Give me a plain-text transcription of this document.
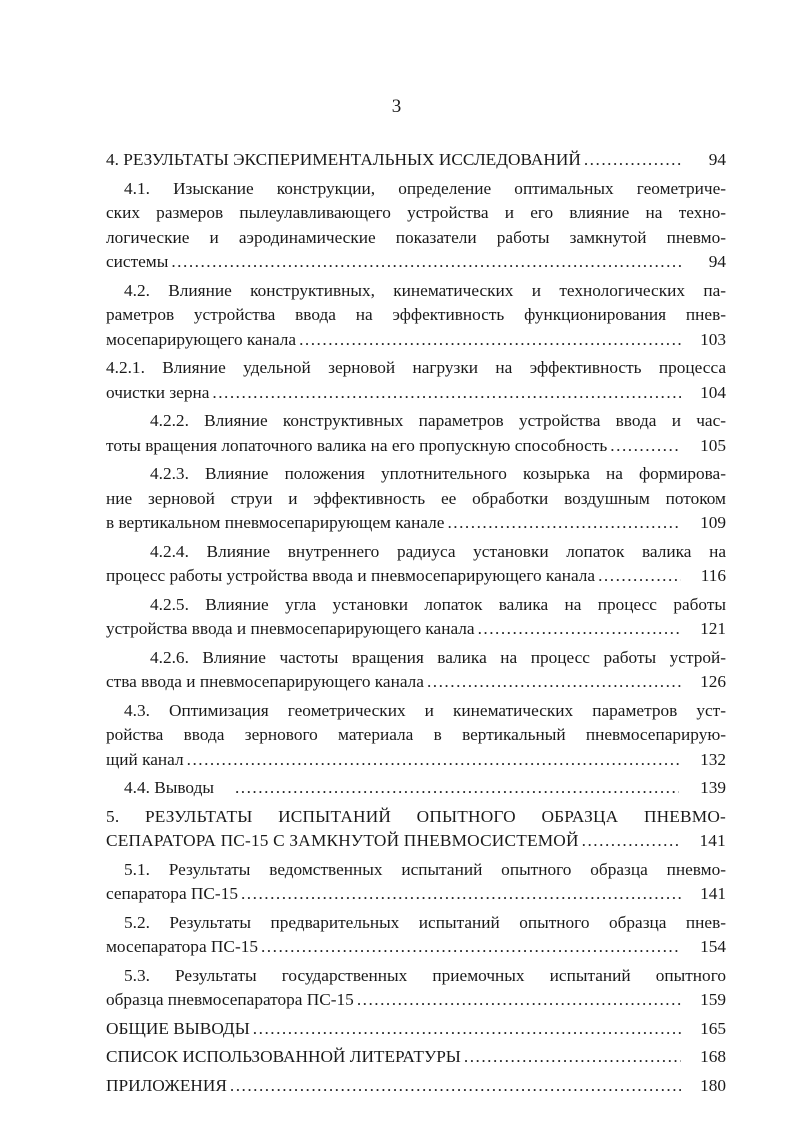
3
4. РЕЗУЛЬТАТЫ ЭКСПЕРИМЕНТАЛЬНЫХ ИССЛЕДОВАНИЙ .....	94
4.1. Изыскание конструкции, определение оптимальных геометриче-
ских размеров пылеулавливающего устройства и его влияние на техно-
логические и аэродинамические показатели работы замкнутой пневмо-
системы .....	94
4.2. Влияние конструктивных, кинематических и технологических па-
раметров устройства ввода на эффективность функционирования пнев-
мосепарирующего канала .....	103
4.2.1. Влияние удельной зерновой нагрузки на эффективность процесса
очистки зерна .....	104
4.2.2. Влияние конструктивных параметров устройства ввода и час-
тоты вращения лопаточного валика на его пропускную способность .....	105
4.2.3. Влияние положения уплотнительного козырька на формирова-
ние зерновой струи и эффективность ее обработки воздушным потоком
в вертикальном пневмосепарирующем канале .....	109
4.2.4. Влияние внутреннего радиуса установки лопаток валика на
процесс работы устройства ввода и пневмосепарирующего канала .....	116
4.2.5. Влияние угла установки лопаток валика на процесс работы
устройства ввода и пневмосепарирующего канала .....	121
4.2.6. Влияние частоты вращения валика на процесс работы устрой-
ства ввода и пневмосепарирующего канала .....	126
4.3. Оптимизация геометрических и кинематических параметров уст-
ройства ввода зернового материала в вертикальный пневмосепарирую-
щий канал .....	132
4.4. Выводы .....	139
5. РЕЗУЛЬТАТЫ ИСПЫТАНИЙ ОПЫТНОГО ОБРАЗЦА ПНЕВМО-
СЕПАРАТОРА ПС-15 С ЗАМКНУТОЙ ПНЕВМОСИСТЕМОЙ .....	141
5.1. Результаты ведомственных испытаний опытного образца пневмо-
сепаратора ПС-15 .....	141
5.2. Результаты предварительных испытаний опытного образца пнев-
мосепаратора ПС-15 .....	154
5.3. Результаты государственных приемочных испытаний опытного
образца пневмосепаратора ПС-15 .....	159
ОБЩИЕ ВЫВОДЫ .....	165
СПИСОК ИСПОЛЬЗОВАННОЙ ЛИТЕРАТУРЫ .....	168
ПРИЛОЖЕНИЯ .....	180
